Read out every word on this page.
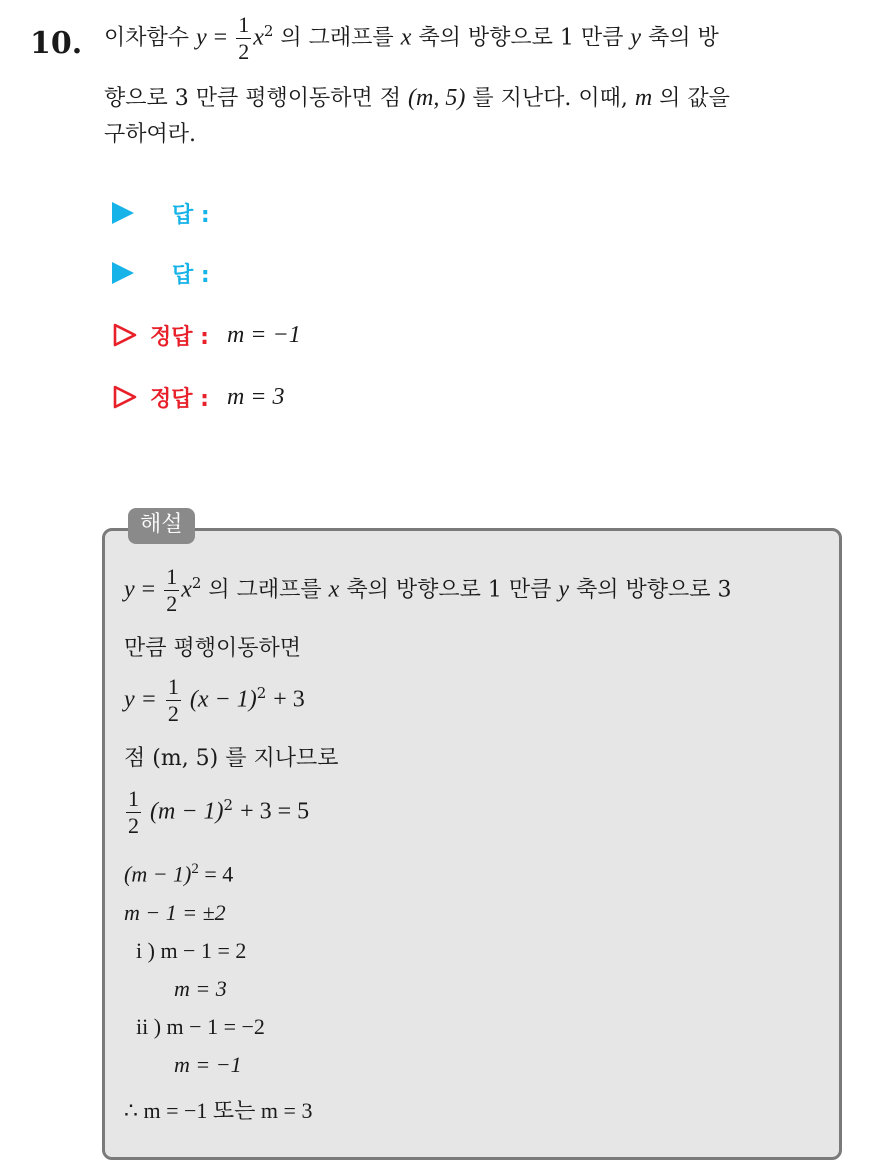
10. 이차함수 $y = \frac{1}{2} x^2$ 의 그래프를 x 축의 방향으로 1 만큼 y 축의 방
향으로 3 만큼 평행이동하면 점 (m, 5) 를 지난다. 이때, m 의 값을
구하여라.
답 :
답 :
정답 : m = −1
정답 : m = 3
해설
$y = \frac{1}{2} x^2$ 의 그래프를 x 축의 방향으로 1 만큼 y 축의 방향으로 3
만큼 평행이동하면
$y = \frac{1}{2} (x - 1)^2 + 3$
점 (m, 5) 를 지나므로
$\frac{1}{2} (m - 1)^2 + 3 = 5$
$(m - 1)^2 = 4$
m − 1 = ±2
i ) m − 1 = 2
m = 3
ii ) m − 1 = −2
m = −1
∴ m = −1 또는 m = 3
